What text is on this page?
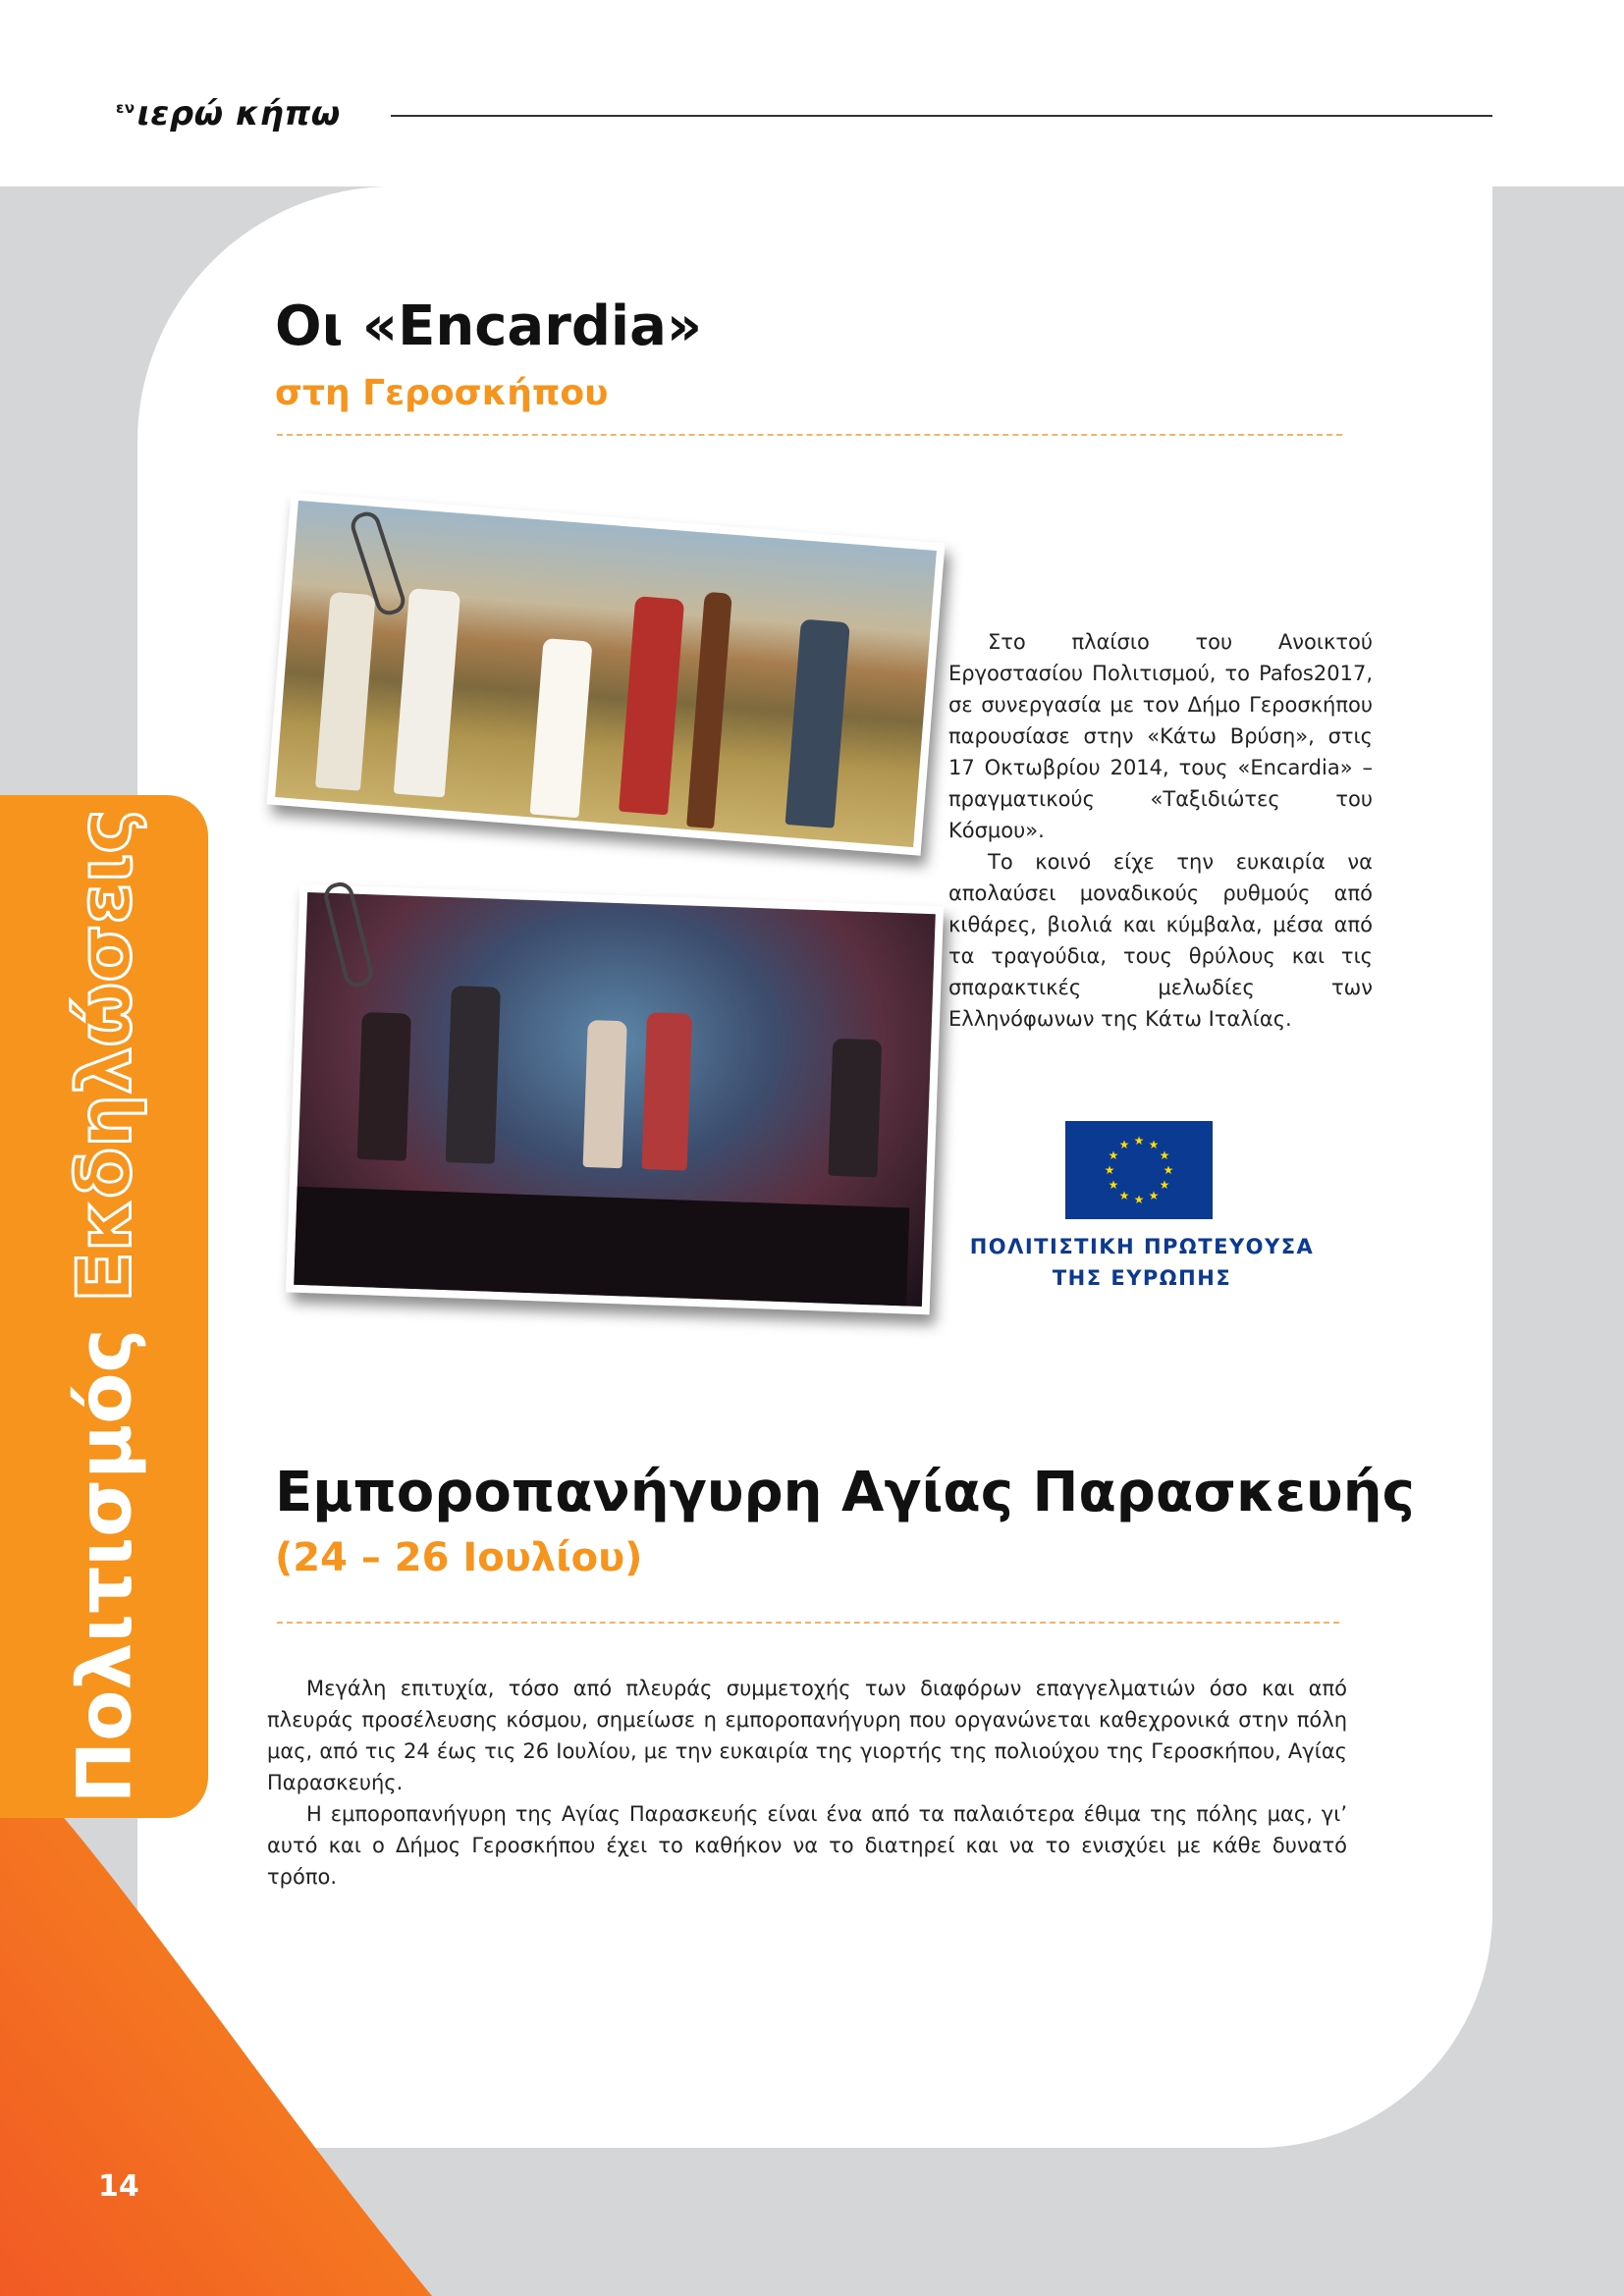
$^{\varepsilon\nu}$ιερώ κήπω
Πολιτισμός Εκδηλώσεις
14
Οι «Encardia»
στη Γεροσκήπου

Στο πλαίσιο του Ανοικτού Εργοστασίου Πολιτισμού, το Pafos2017, σε συνεργασία με τον Δήμο Γεροσκήπου παρουσίασε στην «Κάτω Βρύση», στις 17 Οκτωβρίου 2014, τους «Encardia» – πραγματικούς «Ταξιδιώτες του Κόσμου».

Το κοινό είχε την ευκαιρία να απολαύσει μοναδικούς ρυθμούς από κιθάρες, βιολιά και κύμβαλα, μέσα από τα τραγούδια, τους θρύλους και τις σπαρακτικές μελωδίες των Ελληνόφωνων της Κάτω Ιταλίας.

★ ★
★
★
★
★
★
★
★
★
★
★
ΠΟΛΙΤΙΣΤΙΚΗ ΠΡΩΤΕΥΟΥΣΑ
ΤΗΣ ΕΥΡΩΠΗΣ
Εμποροπανήγυρη Αγίας Παρασκευής
(24 – 26 Ιουλίου)

Μεγάλη επιτυχία, τόσο από πλευράς συμμετοχής των διαφόρων επαγγελματιών όσο και από πλευράς προσέλευσης κόσμου, σημείωσε η εμποροπανήγυρη που οργανώνεται καθεχρονικά στην πόλη μας, από τις 24 έως τις 26 Ιουλίου, με την ευκαιρία της γιορτής της πολιούχου της Γεροσκήπου, Αγίας Παρασκευής.

Η εμποροπανήγυρη της Αγίας Παρασκευής είναι ένα από τα παλαιότερα έθιμα της πόλης μας, γι’ αυτό και ο Δήμος Γεροσκήπου έχει το καθήκον να το διατηρεί και να το ενισχύει με κάθε δυνατό τρόπο.
